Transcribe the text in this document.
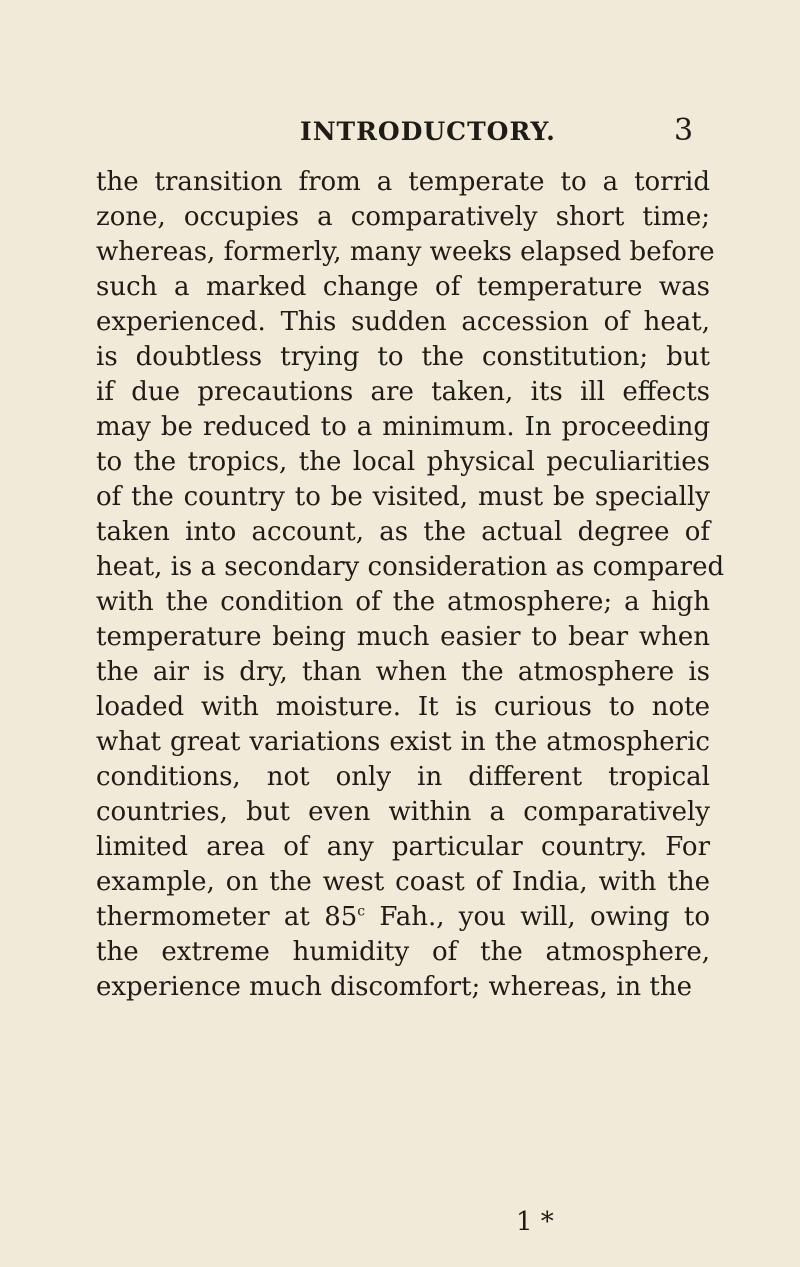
INTRODUCTORY.	3
the transition from a temperate to a torrid
zone, occupies a comparatively short time;
whereas, formerly, many weeks elapsed before
such a marked change of temperature was
experienced. This sudden accession of heat,
is doubtless trying to the constitution; but
if due precautions are taken, its ill effects
may be reduced to a minimum. In proceeding
to the tropics, the local physical peculiarities
of the country to be visited, must be specially
taken into account, as the actual degree of
heat, is a secondary consideration as compared
with the condition of the atmosphere; a high
temperature being much easier to bear when
the air is dry, than when the atmosphere is
loaded with moisture. It is curious to note
what great variations exist in the atmospheric
conditions, not only in different tropical
countries, but even within a comparatively
limited area of any particular country. For
example, on the west coast of India, with the
thermometer at 85$^c$ Fah., you will, owing to
the extreme humidity of the atmosphere,
experience much discomfort; whereas, in the
1 *
